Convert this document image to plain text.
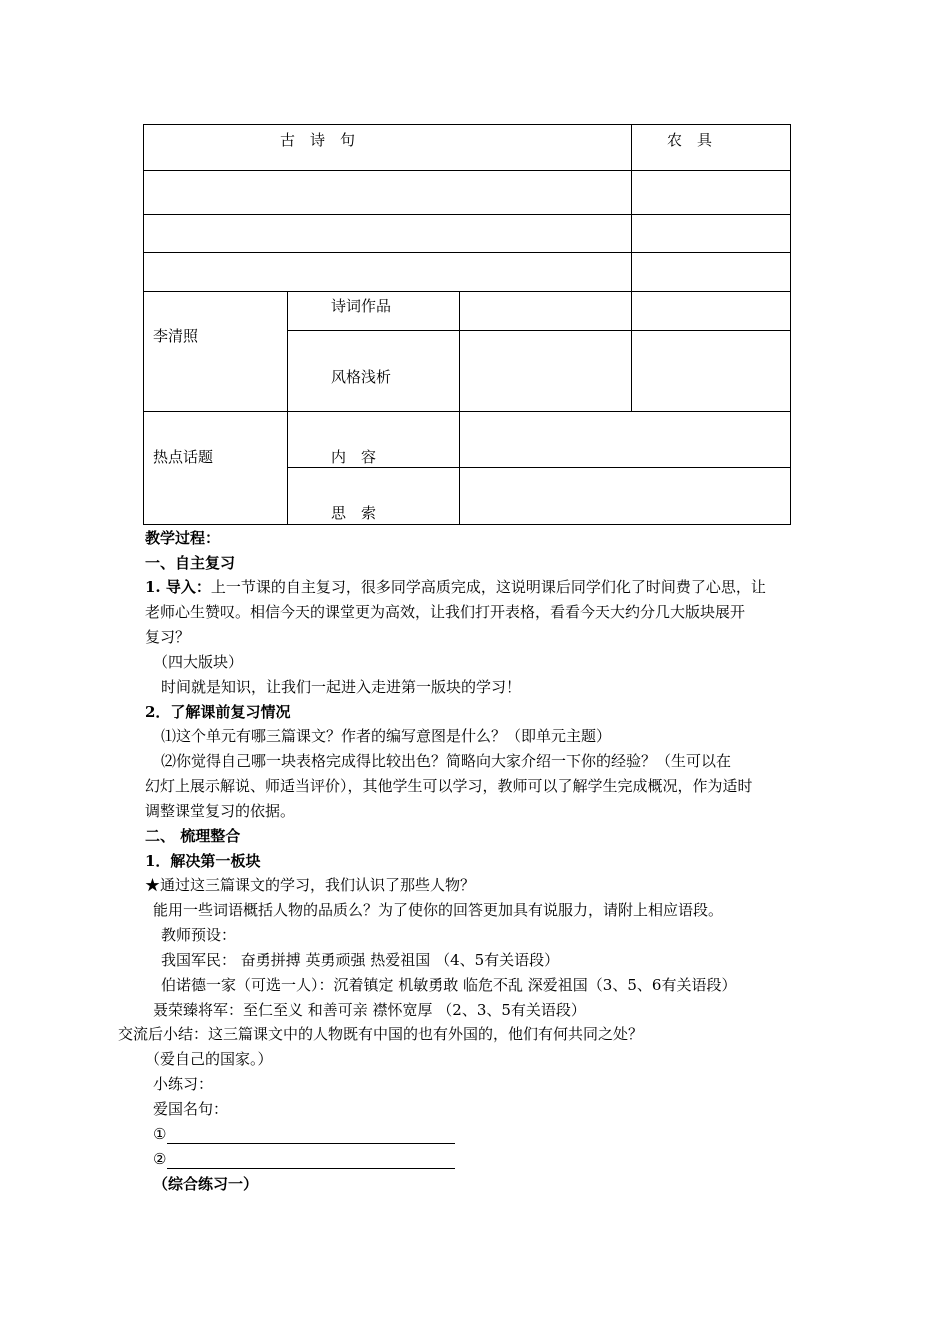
古　诗　句	农　具
李清照
诗词作品
风格浅析
热点话题	内　容
思　索
教学过程：
一、自主复习
1. 导入：上一节课的自主复习，很多同学高质完成，这说明课后同学们化了时间费了心思，让
老师心生赞叹。相信今天的课堂更为高效，让我们打开表格，看看今天大约分几大版块展开
复习？
（四大版块）
时间就是知识，让我们一起进入走进第一版块的学习！
2．了解课前复习情况
⑴这个单元有哪三篇课文？作者的编写意图是什么？（即单元主题）
⑵你觉得自己哪一块表格完成得比较出色？简略向大家介绍一下你的经验？（生可以在
幻灯上展示解说、师适当评价），其他学生可以学习，教师可以了解学生完成概况，作为适时
调整课堂复习的依据。
二、 梳理整合
1．解决第一板块
★通过这三篇课文的学习，我们认识了那些人物？
能用一些词语概括人物的品质么？为了使你的回答更加具有说服力，请附上相应语段。
教师预设：
我国军民： 奋勇拼搏 英勇顽强 热爱祖国 （4、5有关语段）
伯诺德一家（可选一人）：沉着镇定 机敏勇敢 临危不乱 深爱祖国（3、5、6有关语段）
聂荣臻将军：至仁至义 和善可亲 襟怀宽厚 （2、3、5有关语段）
交流后小结：这三篇课文中的人物既有中国的也有外国的，他们有何共同之处？
（爱自己的国家。）
小练习：
爱国名句：
①
②
（综合练习一）
